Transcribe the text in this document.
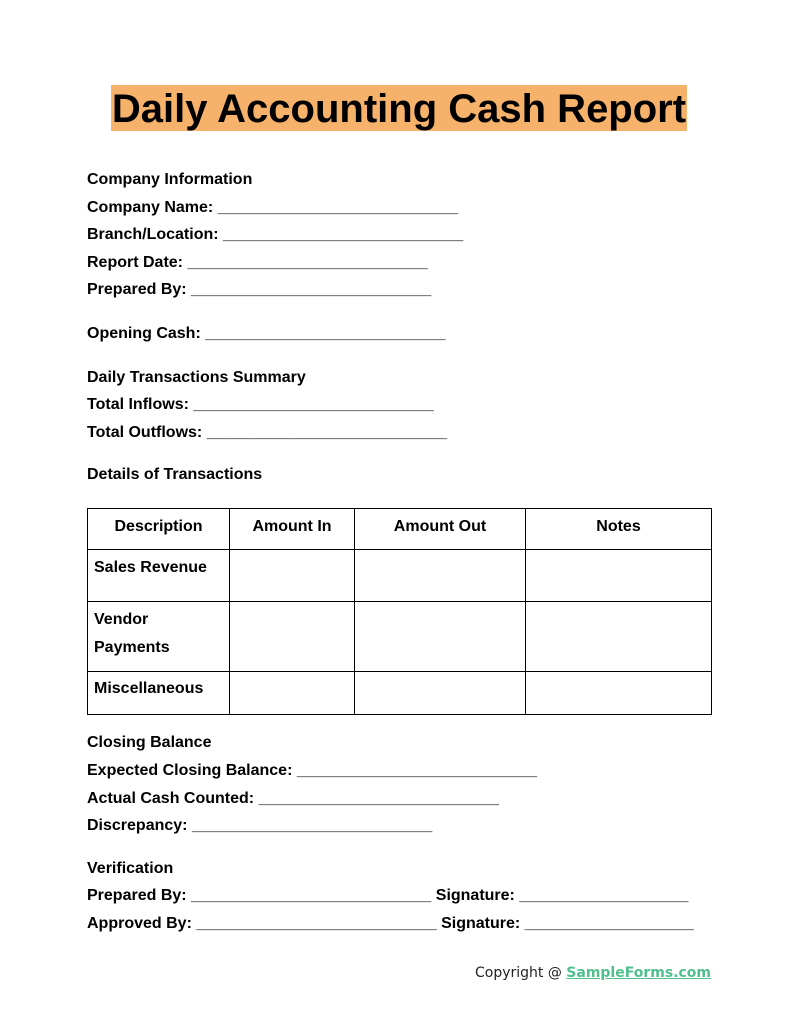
Daily Accounting Cash Report
Company Information
Company Name: ___________________________
Branch/Location: ___________________________
Report Date: ___________________________
Prepared By: ___________________________
Opening Cash: ___________________________
Daily Transactions Summary
Total Inflows: ___________________________
Total Outflows: ___________________________
Details of Transactions
Description	Amount In	Amount Out	Notes
Sales Revenue			
Vendor Payments			
Miscellaneous			
Closing Balance
Expected Closing Balance: ___________________________
Actual Cash Counted: ___________________________
Discrepancy: ___________________________
Verification
Prepared By: ___________________________ Signature: ___________________
Approved By: ___________________________ Signature: ___________________
Copyright @ SampleForms.com
